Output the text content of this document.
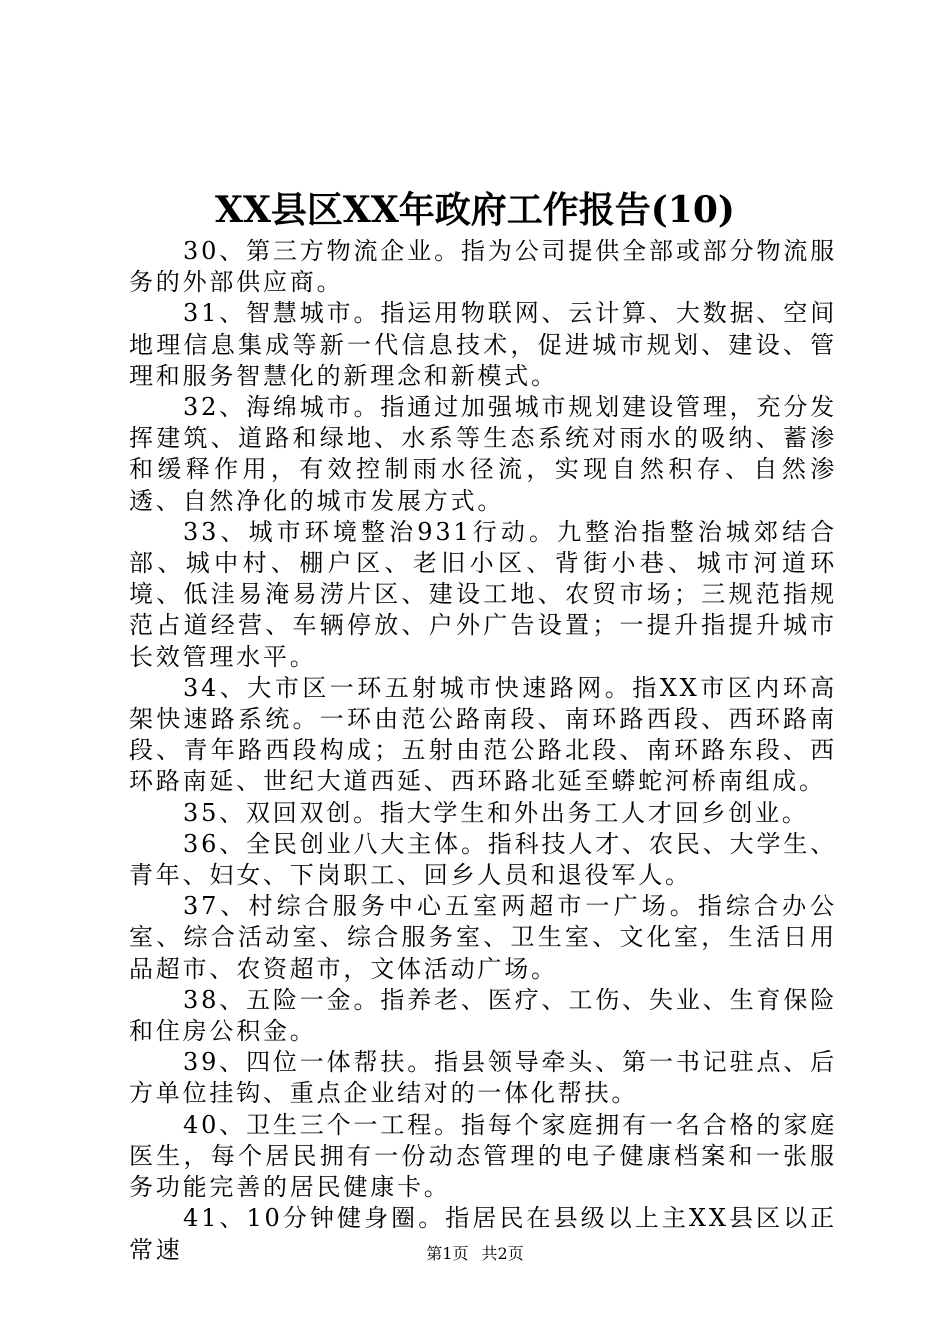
XX县区XX年政府工作报告(10)

30、第三方物流企业。指为公司提供全部或部分物流服务的外部供应商。

31、智慧城市。指运用物联网、云计算、大数据、空间地理信息集成等新一代信息技术，促进城市规划、建设、管理和服务智慧化的新理念和新模式。

32、海绵城市。指通过加强城市规划建设管理，充分发挥建筑、道路和绿地、水系等生态系统对雨水的吸纳、蓄渗和缓释作用，有效控制雨水径流，实现自然积存、自然渗透、自然净化的城市发展方式。

33、城市环境整治931行动。九整治指整治城郊结合部、城中村、棚户区、老旧小区、背街小巷、城市河道环境、低洼易淹易涝片区、建设工地、农贸市场；三规范指规范占道经营、车辆停放、户外广告设置；一提升指提升城市长效管理水平。

34、大市区一环五射城市快速路网。指XX市区内环高架快速路系统。一环由范公路南段、南环路西段、西环路南段、青年路西段构成；五射由范公路北段、南环路东段、西环路南延、世纪大道西延、西环路北延至蟒蛇河桥南组成。

35、双回双创。指大学生和外出务工人才回乡创业。

36、全民创业八大主体。指科技人才、农民、大学生、青年、妇女、下岗职工、回乡人员和退役军人。

37、村综合服务中心五室两超市一广场。指综合办公室、综合活动室、综合服务室、卫生室、文化室，生活日用品超市、农资超市，文体活动广场。

38、五险一金。指养老、医疗、工伤、失业、生育保险和住房公积金。

39、四位一体帮扶。指县领导牵头、第一书记驻点、后方单位挂钩、重点企业结对的一体化帮扶。

40、卫生三个一工程。指每个家庭拥有一名合格的家庭医生，每个居民拥有一份动态管理的电子健康档案和一张服务功能完善的居民健康卡。

41、10分钟健身圈。指居民在县级以上主XX县区以正常速	第1页 共2页
